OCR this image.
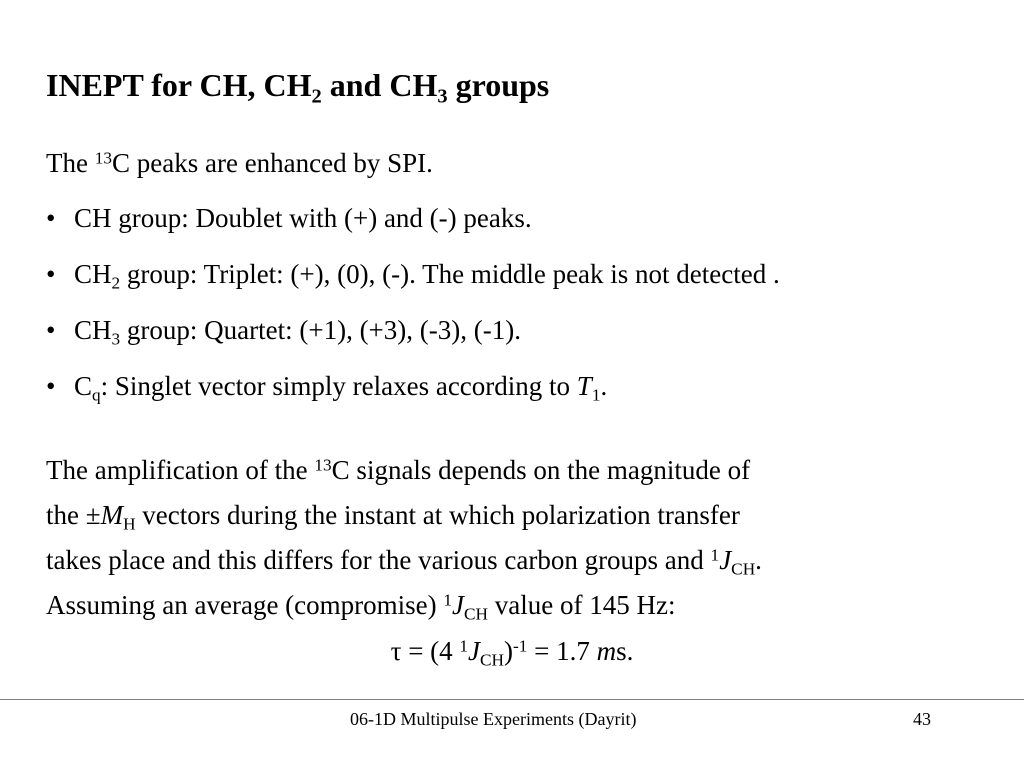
INEPT for CH, $CH_2$ and $CH_3$ groups
The $^{13}$C peaks are enhanced by SPI.
• CH group: Doublet with (+) and (-) peaks.
• $CH_2$ group: Triplet: (+), (0), (-). The middle peak is not detected .
• $CH_3$ group: Quartet: (+1), (+3), (-3), (-1).
• $C_q$: Singlet vector simply relaxes according to $T_1$.
The amplification of the $^{13}$C signals depends on the magnitude of
the $\pm M_H$ vectors during the instant at which polarization transfer
takes place and this differs for the various carbon groups and $^1J_{CH}$.
Assuming an average (compromise) $^1J_{CH}$ value of 145 Hz:
τ = (4 $^1J_{CH})^{-1} = 1.7$ ms.
06-1D Multipulse Experiments (Dayrit)	43
